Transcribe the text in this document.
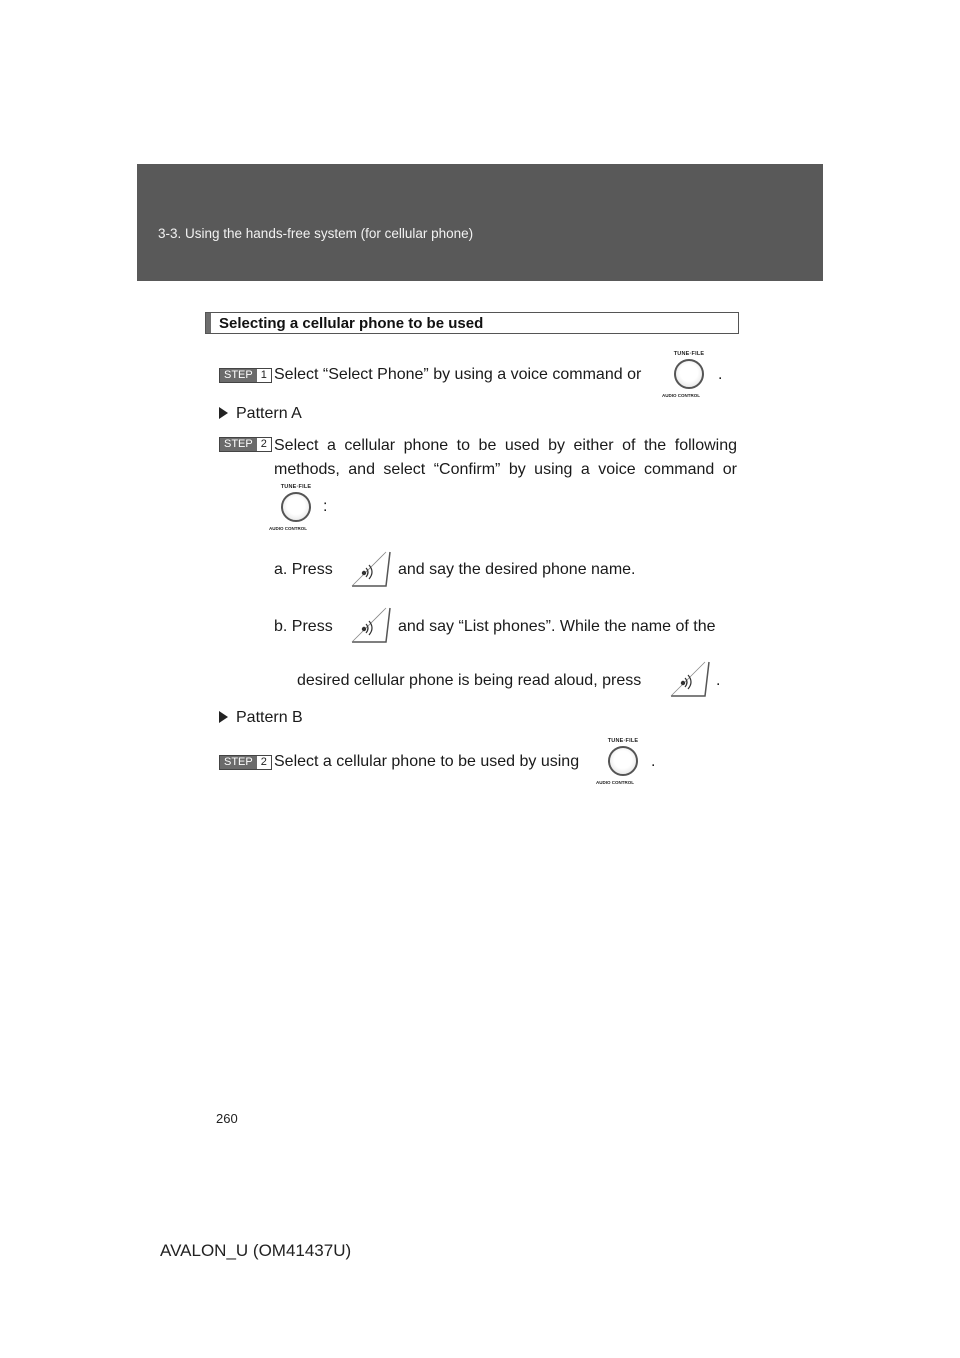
3-3. Using the hands-free system (for cellular phone)
Selecting a cellular phone to be used
STEP 1 Select “Select Phone” by using a voice command or
TUNE·FILE
AUDIO CONTROL
.
Pattern A
STEP 2 Select a cellular phone to be used by either of the following
methods, and select “Confirm” by using a voice command or
TUNE·FILE
AUDIO CONTROL
:
a. Press	and say the desired phone name.
b. Press	and say “List phones”. While the name of the
desired cellular phone is being read aloud, press	.
Pattern B
STEP 2 Select a cellular phone to be used by using
TUNE·FILE
AUDIO CONTROL
.
260
AVALON_U (OM41437U)
